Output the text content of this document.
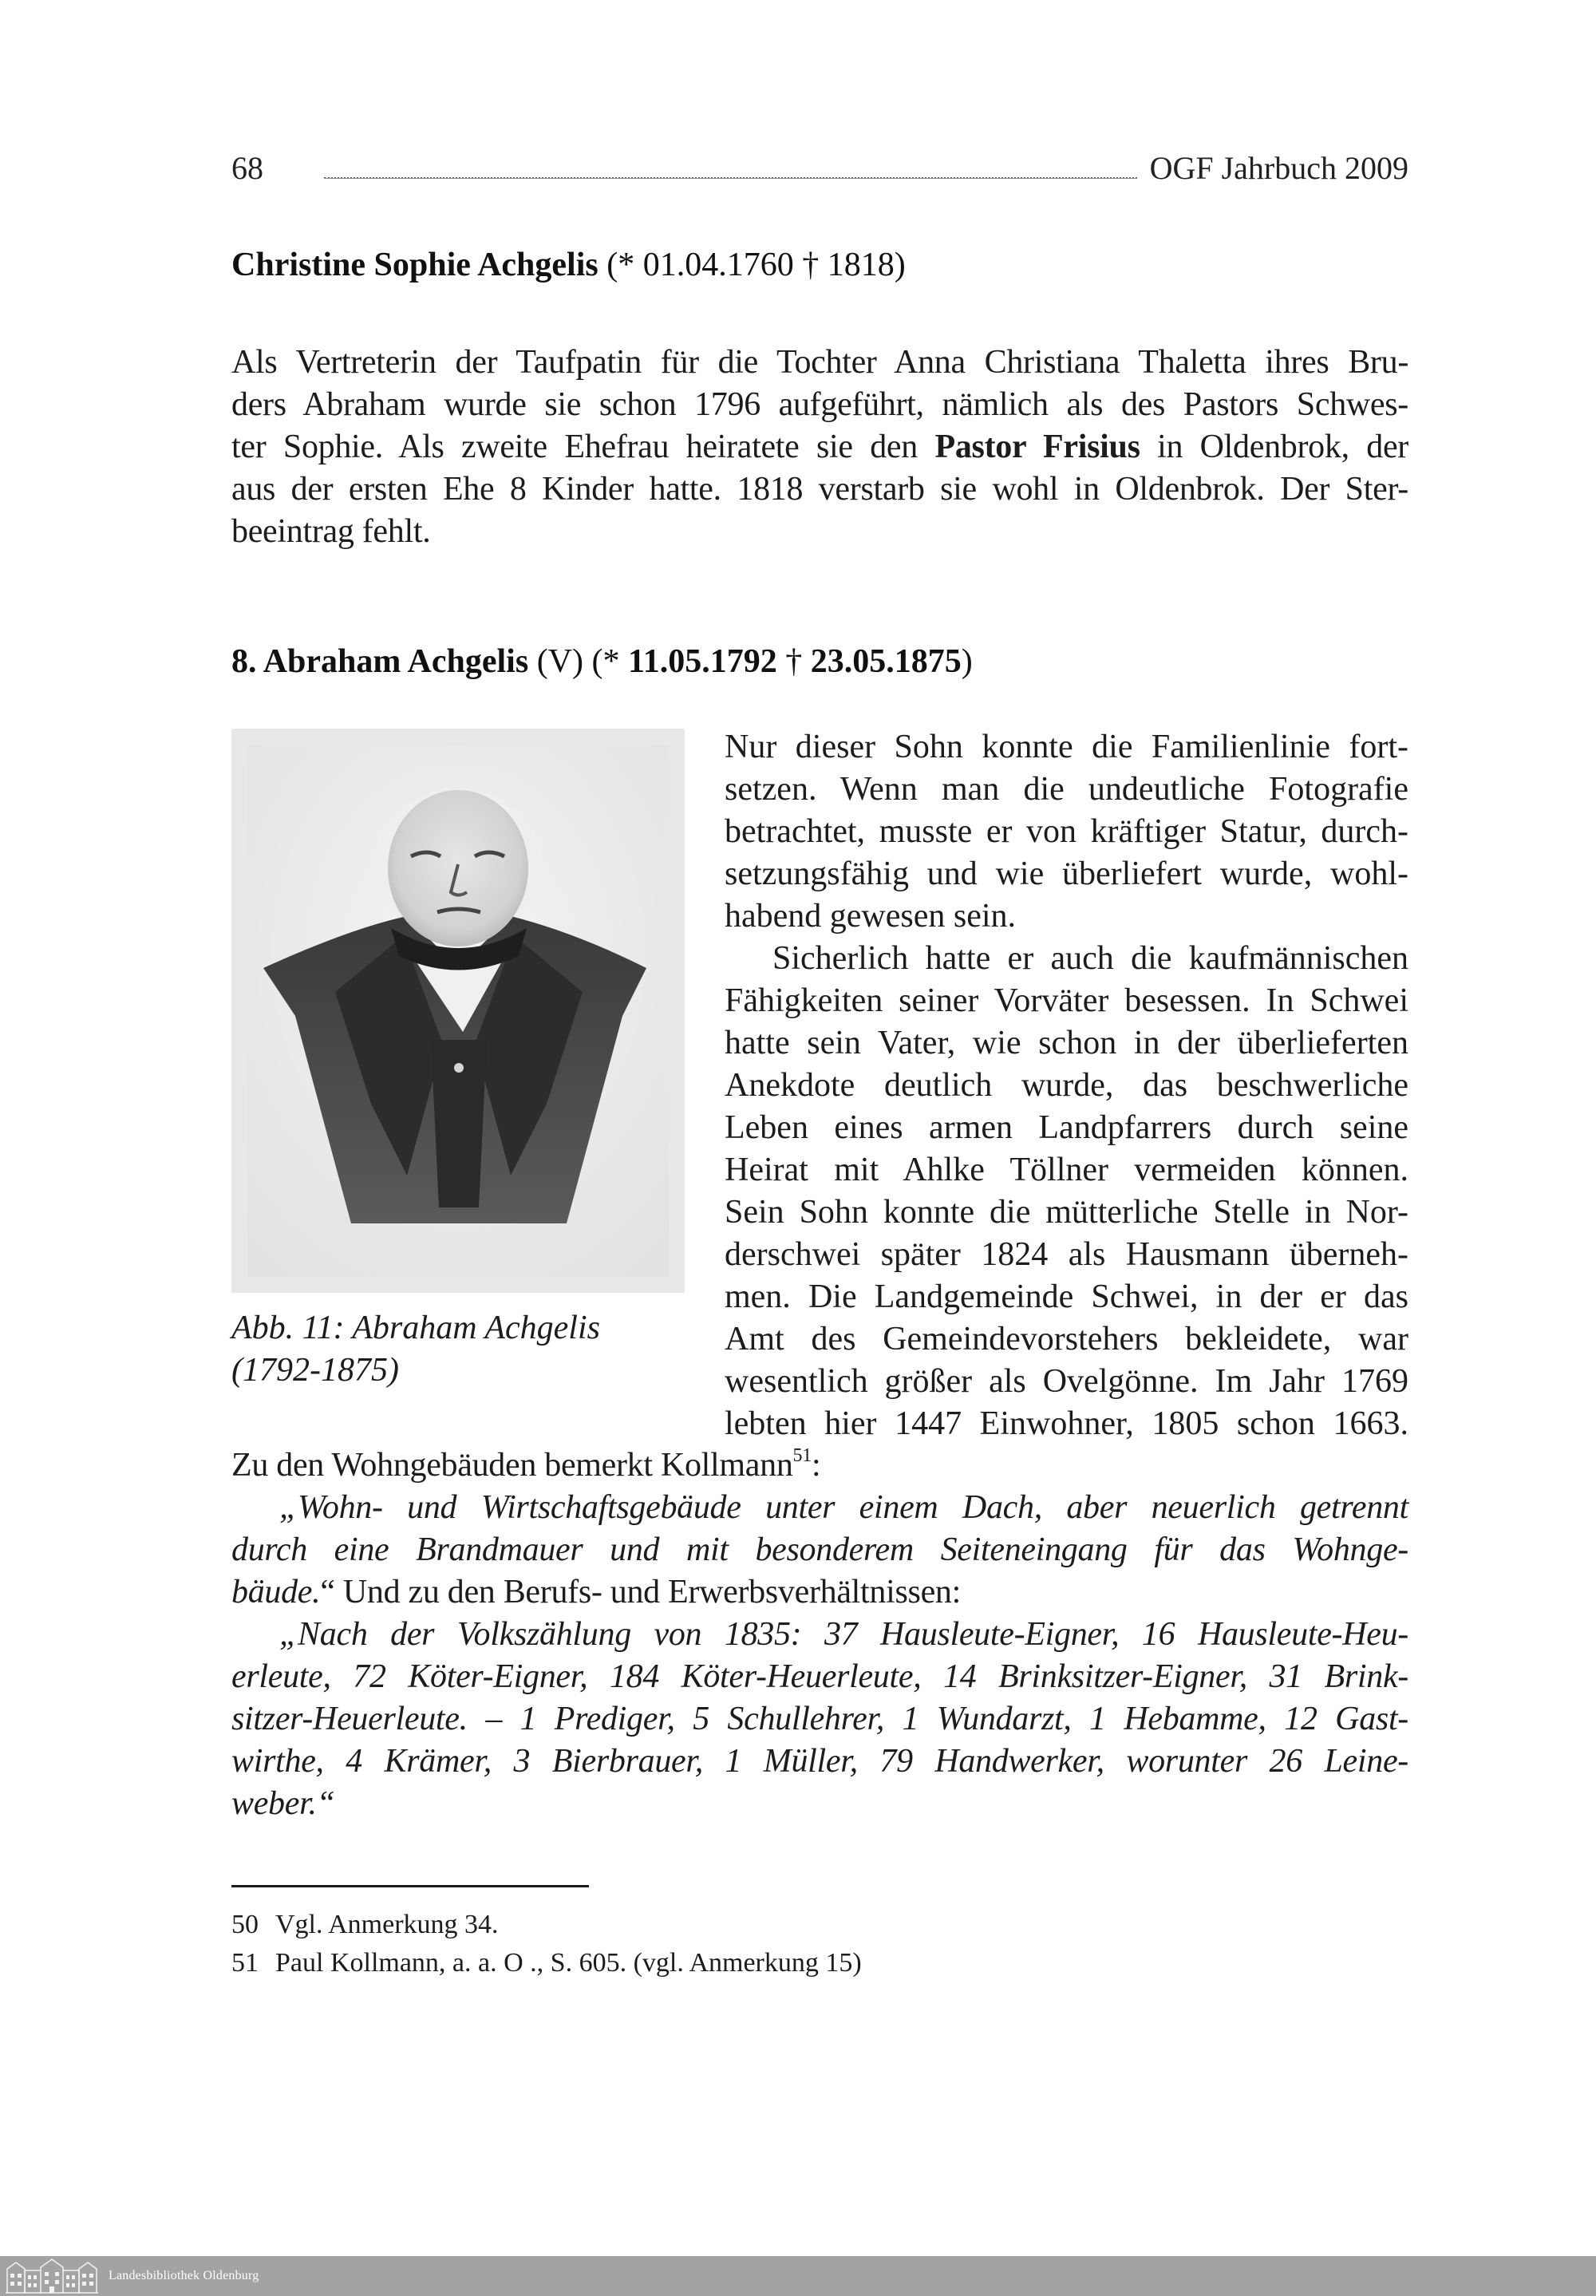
68	OGF Jahrbuch 2009
Christine Sophie Achgelis (* 01.04.1760 † 1818)
Als Vertreterin der Taufpatin für die Tochter Anna Christiana Thaletta ihres Bru-
ders Abraham wurde sie schon 1796 aufgeführt, nämlich als des Pastors Schwes-
ter Sophie. Als zweite Ehefrau heiratete sie den Pastor Frisius in Oldenbrok, der
aus der ersten Ehe 8 Kinder hatte. 1818 verstarb sie wohl in Oldenbrok. Der Ster-
beeintrag fehlt.
8. Abraham Achgelis (V) (* 11.05.1792 † 23.05.1875)
Abb. 11: Abraham Achgelis
(1792-1875)
Nur dieser Sohn konnte die Familienlinie fort-
setzen. Wenn man die undeutliche Fotografie
betrachtet, musste er von kräftiger Statur, durch-
setzungsfähig und wie überliefert wurde, wohl-
habend gewesen sein.
Sicherlich hatte er auch die kaufmännischen
Fähigkeiten seiner Vorväter besessen. In Schwei
hatte sein Vater, wie schon in der überlieferten
Anekdote deutlich wurde, das beschwerliche
Leben eines armen Landpfarrers durch seine
Heirat mit Ahlke Töllner vermeiden können.
Sein Sohn konnte die mütterliche Stelle in Nor-
derschwei später 1824 als Hausmann überneh-
men. Die Landgemeinde Schwei, in der er das
Amt des Gemeindevorstehers bekleidete, war
wesentlich größer als Ovelgönne. Im Jahr 1769
lebten hier 1447 Einwohner, 1805 schon 1663.
Zu den Wohngebäuden bemerkt Kollmann$^{51}$:
„Wohn- und Wirtschaftsgebäude unter einem Dach, aber neuerlich getrennt
durch eine Brandmauer und mit besonderem Seiteneingang für das Wohnge-
bäude.“ Und zu den Berufs- und Erwerbsverhältnissen:
„Nach der Volkszählung von 1835: 37 Hausleute-Eigner, 16 Hausleute-Heu-
erleute, 72 Köter-Eigner, 184 Köter-Heuerleute, 14 Brinksitzer-Eigner, 31 Brink-
sitzer-Heuerleute. – 1 Prediger, 5 Schullehrer, 1 Wundarzt, 1 Hebamme, 12 Gast-
wirthe, 4 Krämer, 3 Bierbrauer, 1 Müller, 79 Handwerker, worunter 26 Leine-
weber.“
50 Vgl. Anmerkung 34.
51 Paul Kollmann, a. a. O ., S. 605. (vgl. Anmerkung 15)
Landesbibliothek Oldenburg
